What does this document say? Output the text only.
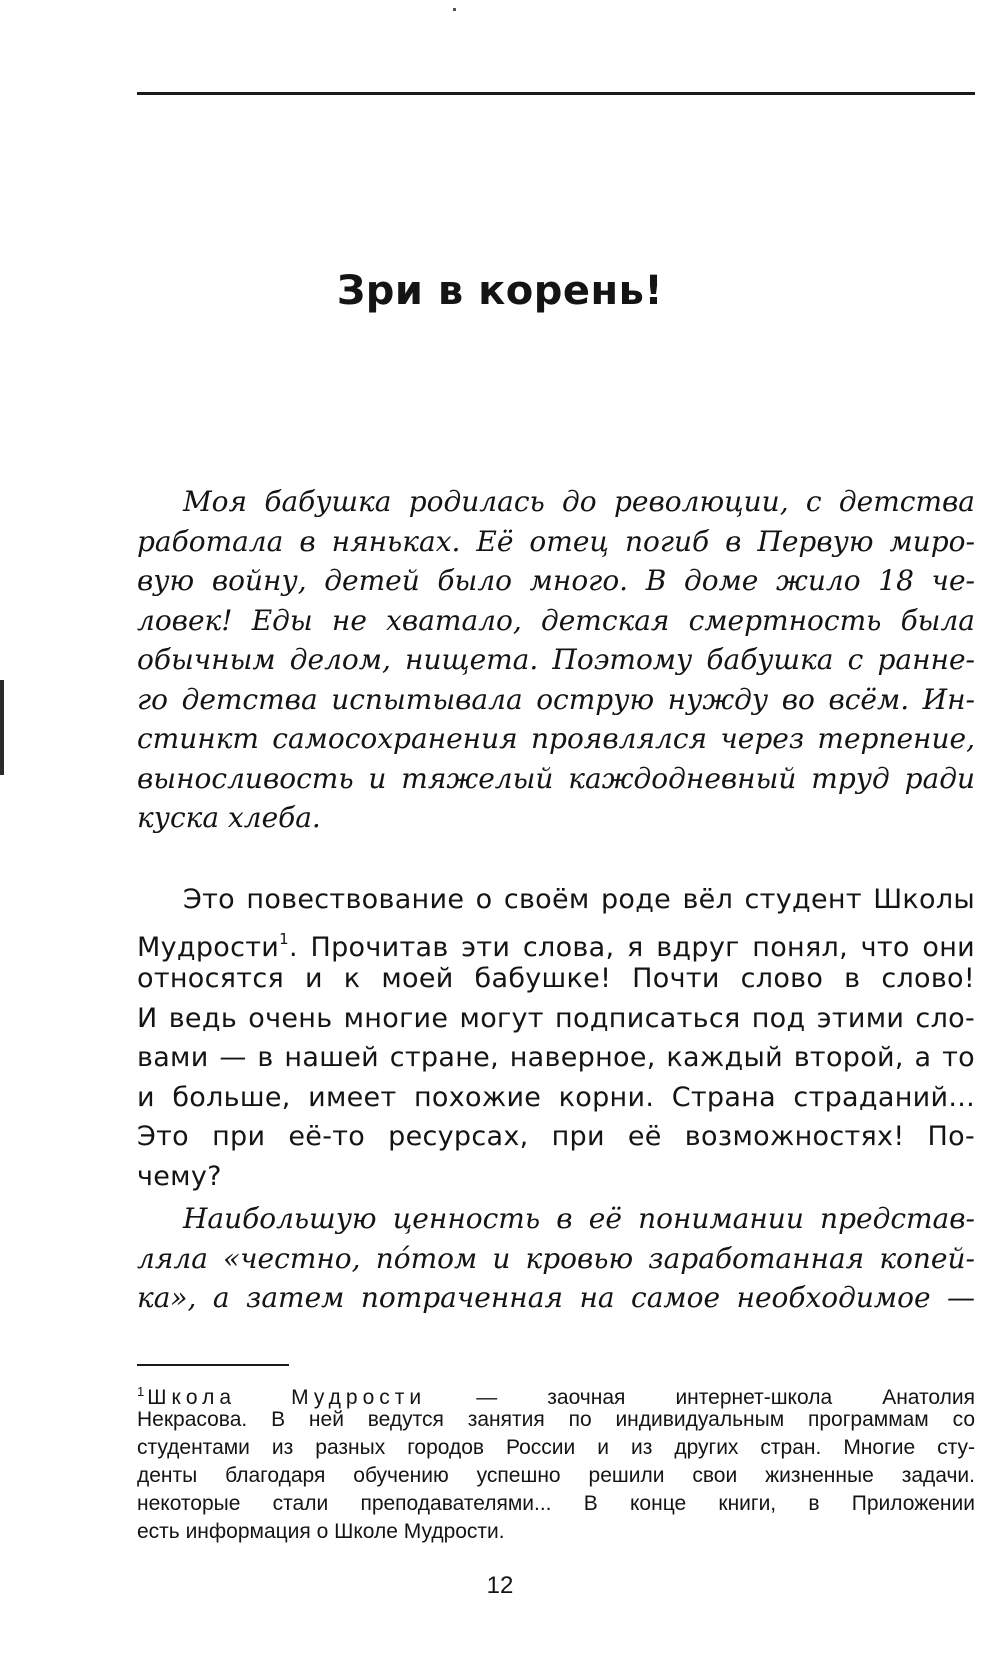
Зри в корень!
Моя бабушка родилась до революции, с детства
работала в няньках. Её отец погиб в Первую миро-
вую войну, детей было много. В доме жило 18 че-
ловек! Еды не хватало, детская смертность была
обычным делом, нищета. Поэтому бабушка с ранне-
го детства испытывала острую нужду во всём. Ин-
стинкт самосохранения проявлялся через терпение,
выносливость и тяжелый каждодневный труд ради
куска хлеба.
Это повествование о своём роде вёл студент Школы
Мудрости$^1$. Прочитав эти слова, я вдруг понял, что они
относятся и к моей бабушке! Почти слово в слово!
И ведь очень многие могут подписаться под этими сло-
вами — в нашей стране, наверное, каждый второй, а то
и больше, имеет похожие корни. Страна страданий...
Это при её-то ресурсах, при её возможностях! По-
чему?
Наибольшую ценность в её понимании представ-
ляла «честно, пóтом и кровью заработанная копей-
ка», а затем потраченная на самое необходимое —
$^1$ Школа Мудрости — заочная интернет-школа Анатолия
Некрасова. В ней ведутся занятия по индивидуальным программам со
студентами из разных городов России и из других стран. Многие сту-
денты благодаря обучению успешно решили свои жизненные задачи.
некоторые стали преподавателями... В конце книги, в Приложении
есть информация о Школе Мудрости.

12
